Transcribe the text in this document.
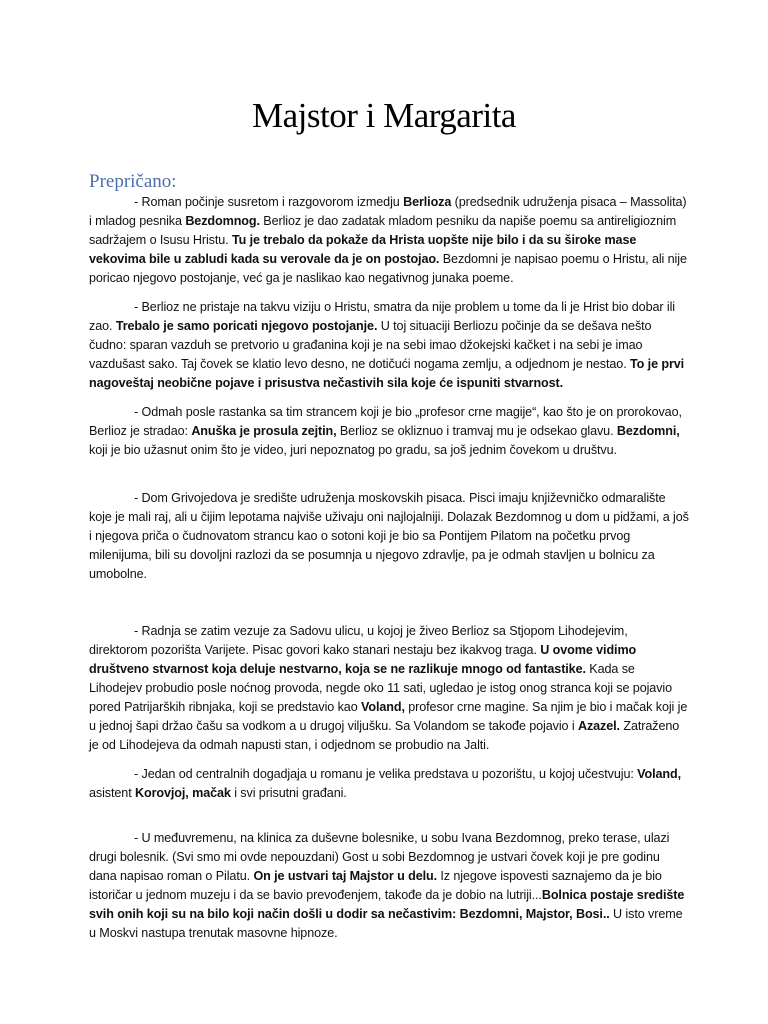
Majstor i Margarita
Prepričano:

- Roman počinje susretom i razgovorom izmedju Berlioza (predsednik udruženja pisaca – Massolita) i mladog pesnika Bezdomnog. Berlioz je dao zadatak mladom pesniku da napiše poemu sa antireligioznim sadržajem o Isusu Hristu. Tu je trebalo da pokaže da Hrista uopšte nije bilo i da su široke mase vekovima bile u zabludi kada su verovale da je on postojao. Bezdomni je napisao poemu o Hristu, ali nije poricao njegovo postojanje, već ga je naslikao kao negativnog junaka poeme.

- Berlioz ne pristaje na takvu viziju o Hristu, smatra da nije problem u tome da li je Hrist bio dobar ili zao. Trebalo je samo poricati njegovo postojanje. U toj situaciji Berliozu počinje da se dešava nešto čudno: sparan vazduh se pretvorio u građanina koji je na sebi imao džokejski kačket i na sebi je imao vazdušast sako. Taj čovek se klatio levo desno, ne dotičući nogama zemlju, a odjednom je nestao. To je prvi nagoveštaj neobične pojave i prisustva nečastivih sila koje će ispuniti stvarnost.

- Odmah posle rastanka sa tim strancem koji je bio „profesor crne magije“, kao što je on prorokovao, Berlioz je stradao: Anuška je prosula zejtin, Berlioz se okliznuo i tramvaj mu je odsekao glavu. Bezdomni, koji je bio užasnut onim što je video, juri nepoznatog po gradu, sa još jednim čovekom u društvu.

- Dom Grivojedova je središte udruženja moskovskih pisaca. Pisci imaju književničko odmaralište koje je mali raj, ali u čijim lepotama najviše uživaju oni najlojalniji. Dolazak Bezdomnog u dom u pidžami, a još i njegova priča o čudnovatom strancu kao o sotoni koji je bio sa Pontijem Pilatom na početku prvog milenijuma, bili su dovoljni razlozi da se posumnja u njegovo zdravlje, pa je odmah stavljen u bolnicu za umobolne.

- Radnja se zatim vezuje za Sadovu ulicu, u kojoj je živeo Berlioz sa Stjopom Lihodejevim, direktorom pozorišta Varijete. Pisac govori kako stanari nestaju bez ikakvog traga. U ovome vidimo društveno stvarnost koja deluje nestvarno, koja se ne razlikuje mnogo od fantastike. Kada se Lihodejev probudio posle noćnog provoda, negde oko 11 sati, ugledao je istog onog stranca koji se pojavio pored Patrijarških ribnjaka, koji se predstavio kao Voland, profesor crne magine. Sa njim je bio i mačak koji je u jednoj šapi držao čašu sa vodkom a u drugoj viljušku. Sa Volandom se takođe pojavio i Azazel. Zatraženo je od Lihodejeva da odmah napusti stan, i odjednom se probudio na Jalti.

- Jedan od centralnih dogadjaja u romanu je velika predstava u pozorištu, u kojoj učestvuju: Voland, asistent Korovjoj, mačak i svi prisutni građani.

- U međuvremenu, na klinica za duševne bolesnike, u sobu Ivana Bezdomnog, preko terase, ulazi drugi bolesnik. (Svi smo mi ovde nepouzdani) Gost u sobi Bezdomnog je ustvari čovek koji je pre godinu dana napisao roman o Pilatu. On je ustvari taj Majstor u delu. Iz njegove ispovesti saznajemo da je bio istoričar u jednom muzeju i da se bavio prevođenjem, takođe da je dobio na lutriji...Bolnica postaje središte svih onih koji su na bilo koji način došli u dodir sa nečastivim: Bezdomni, Majstor, Bosi.. U isto vreme u Moskvi nastupa trenutak masovne hipnoze.
